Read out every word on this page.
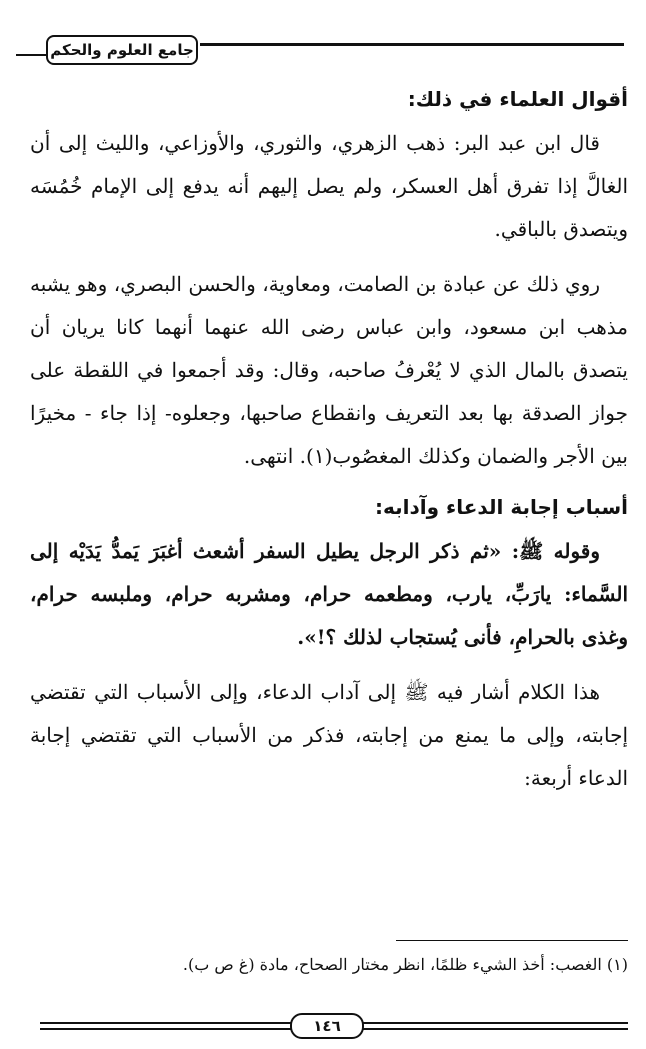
جامع العلوم والحكم
أقوال العلماء في ذلك:

قال ابن عبد البر: ذهب الزهري، والثوري، والأوزاعي، والليث إلى أن الغالَّ إذا تفرق أهل العسكر، ولم يصل إليهم أنه يدفع إلى الإمام خُمُسَه ويتصدق بالباقي.

روي ذلك عن عبادة بن الصامت، ومعاوية، والحسن البصري، وهو يشبه مذهب ابن مسعود، وابن عباس رضى الله عنهما أنهما كانا يريان أن يتصدق بالمال الذي لا يُعْرفُ صاحبه، وقال: وقد أجمعوا في اللقطة على جواز الصدقة بها بعد التعريف وانقطاع صاحبها، وجعلوه- إذا جاء - مخيرًا بين الأجر والضمان وكذلك المغصُوب(١). انتهى.

أسباب إجابة الدعاء وآدابه:

وقوله ﷺ: «ثم ذكر الرجل يطيل السفر أشعث أغبَرَ يَمدُّ يَدَيْه إلى السَّماء: يارَبِّ، يارب، ومطعمه حرام، ومشربه حرام، وملبسه حرام، وغذى بالحرامِ، فأنى يُستجاب لذلك ؟!».

هذا الكلام أشار فيه ﷺ إلى آداب الدعاء، وإلى الأسباب التي تقتضي إجابته، وإلى ما يمنع من إجابته، فذكر من الأسباب التي تقتضي إجابة الدعاء أربعة:

(١) الغصب: أخذ الشيء ظلمًا، انظر مختار الصحاح، مادة (غ ص ب).
١٤٦
